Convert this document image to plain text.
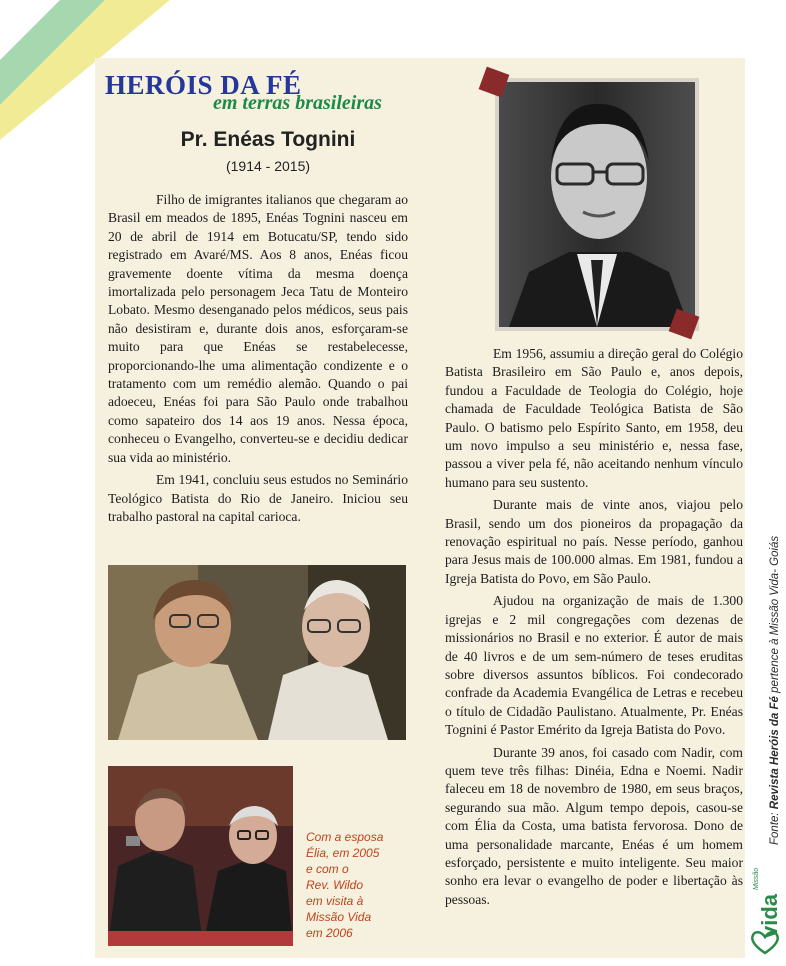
HERÓIS DA FÉ
em terras brasileiras
Pr. Enéas Tognini
(1914 - 2015)

Filho de imigrantes italianos que chegaram ao Brasil em meados de 1895, Enéas Tognini nasceu em 20 de abril de 1914 em Botucatu/SP, tendo sido registrado em Avaré/MS. Aos 8 anos, Enéas ficou gravemente doente vítima da mesma doença imortalizada pelo personagem Jeca Tatu de Monteiro Lobato. Mesmo desenganado pelos médicos, seus pais não desistiram e, durante dois anos, esforçaram-se muito para que Enéas se restabelecesse, proporcionando-lhe uma alimentação condizente e o tratamento com um remédio alemão. Quando o pai adoeceu, Enéas foi para São Paulo onde trabalhou como sapateiro dos 14 aos 19 anos. Nessa época, conheceu o Evangelho, converteu-se e decidiu dedicar sua vida ao ministério.

Em 1941, concluiu seus estudos no Seminário Teológico Batista do Rio de Janeiro. Iniciou seu trabalho pastoral na capital carioca.

Com a esposa
Élia, em 2005
e com o
Rev. Wildo
em visita à
Missão Vida
em 2006

Em 1956, assumiu a direção geral do Colégio Batista Brasileiro em São Paulo e, anos depois, fundou a Faculdade de Teologia do Colégio, hoje chamada de Faculdade Teológica Batista de São Paulo. O batismo pelo Espírito Santo, em 1958, deu um novo impulso a seu ministério e, nessa fase, passou a viver pela fé, não aceitando nenhum vínculo humano para seu sustento.

Durante mais de vinte anos, viajou pelo Brasil, sendo um dos pioneiros da propagação da renovação espiritual no país. Nesse período, ganhou para Jesus mais de 100.000 almas. Em 1981, fundou a Igreja Batista do Povo, em São Paulo.

Ajudou na organização de mais de 1.300 igrejas e 2 mil congregações com dezenas de missionários no Brasil e no exterior. É autor de mais de 40 livros e de um sem-número de teses eruditas sobre diversos assuntos bíblicos. Foi condecorado confrade da Academia Evangélica de Letras e recebeu o título de Cidadão Paulistano. Atualmente, Pr. Enéas Tognini é Pastor Emérito da Igreja Batista do Povo.

Durante 39 anos, foi casado com Nadir, com quem teve três filhas: Dinéia, Edna e Noemi. Nadir faleceu em 18 de novembro de 1980, em seus braços, segurando sua mão. Algum tempo depois, casou-se com Élia da Costa, uma batista fervorosa. Dono de uma personalidade marcante, Enéas é um homem esforçado, persistente e muito inteligente. Seu maior sonho era levar o evangelho de poder e libertação às pessoas.

Fonte: Revista Heróis da Fé pertence à Missão Vida- Goiás
Missão
vida
